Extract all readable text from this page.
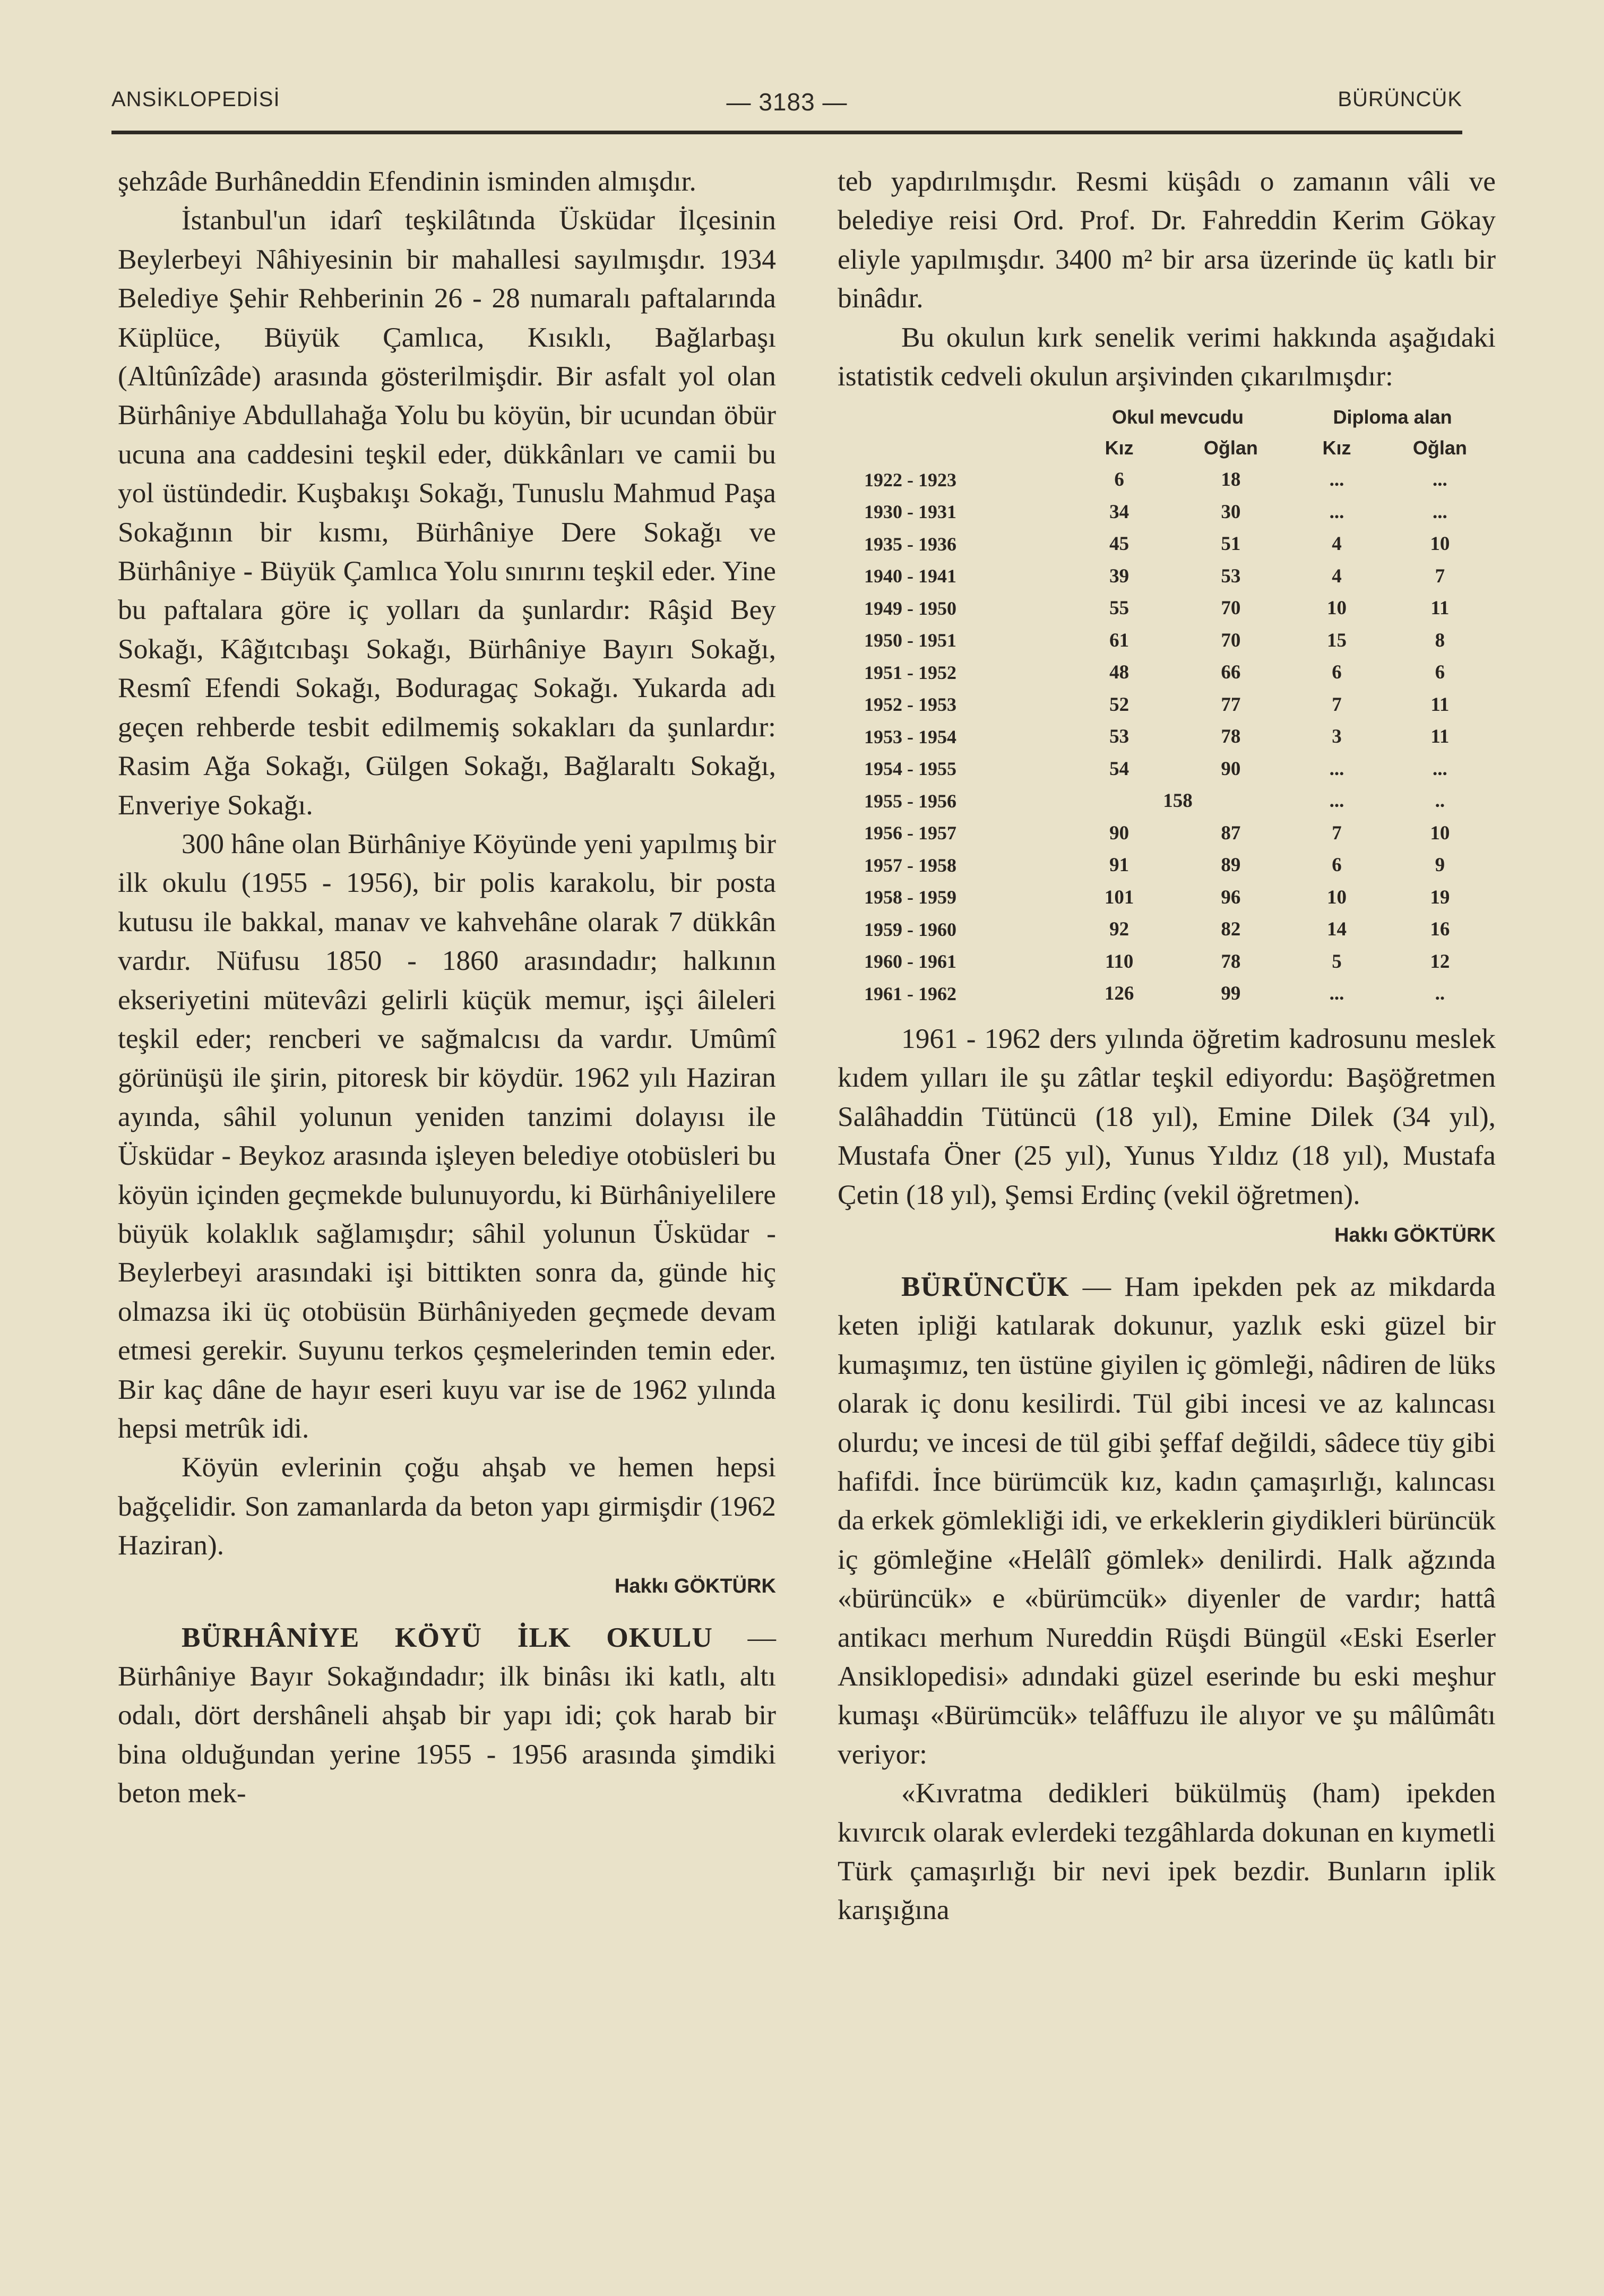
ANSİKLOPEDİSİ	— 3183 —	BÜRÜNCÜK

şehzâde Burhâneddin Efendinin isminden almışdır.

İstanbul'un idarî teşkilâtında Üsküdar İlçesinin Beylerbeyi Nâhiyesinin bir mahallesi sayılmışdır. 1934 Belediye Şehir Rehberinin 26 - 28 numaralı paftalarında Küplüce, Büyük Çamlıca, Kısıklı, Bağlarbaşı (Altûnîzâde) arasında gösterilmişdir. Bir asfalt yol olan Bürhâniye Abdullahağa Yolu bu köyün, bir ucundan öbür ucuna ana caddesini teşkil eder, dükkânları ve camii bu yol üstündedir. Kuşbakışı Sokağı, Tunuslu Mahmud Paşa Sokağının bir kısmı, Bürhâniye Dere Sokağı ve Bürhâniye - Büyük Çamlıca Yolu sınırını teşkil eder. Yine bu paftalara göre iç yolları da şunlardır: Râşid Bey Sokağı, Kâğıtcıbaşı Sokağı, Bürhâniye Bayırı Sokağı, Resmî Efendi Sokağı, Boduragaç Sokağı. Yukarda adı geçen rehberde tesbit edilmemiş sokakları da şunlardır: Rasim Ağa Sokağı, Gülgen Sokağı, Bağlaraltı Sokağı, Enveriye Sokağı.

300 hâne olan Bürhâniye Köyünde yeni yapılmış bir ilk okulu (1955 - 1956), bir polis karakolu, bir posta kutusu ile bakkal, manav ve kahvehâne olarak 7 dükkân vardır. Nüfusu 1850 - 1860 arasındadır; halkının ekseriyetini mütevâzi gelirli küçük memur, işçi âileleri teşkil eder; rencberi ve sağmalcısı da vardır. Umûmî görünüşü ile şirin, pitoresk bir köydür. 1962 yılı Haziran ayında, sâhil yolunun yeniden tanzimi dolayısı ile Üsküdar - Beykoz arasında işleyen belediye otobüsleri bu köyün içinden geçmekde bulunuyordu, ki Bürhâniyelilere büyük kolaklık sağlamışdır; sâhil yolunun Üsküdar - Beylerbeyi arasındaki işi bittikten sonra da, günde hiç olmazsa iki üç otobüsün Bürhâniyeden geçmede devam etmesi gerekir. Suyunu terkos çeşmelerinden temin eder. Bir kaç dâne de hayır eseri kuyu var ise de 1962 yılında hepsi metrûk idi.

Köyün evlerinin çoğu ahşab ve hemen hepsi bağçelidir. Son zamanlarda da beton yapı girmişdir (1962 Haziran).

Hakkı GÖKTÜRK

BÜRHÂNİYE KÖYÜ İLK OKULU — Bürhâniye Bayır Sokağındadır; ilk binâsı iki katlı, altı odalı, dört dershâneli ahşab bir yapı idi; çok harab bir bina olduğundan yerine 1955 - 1956 arasında şimdiki beton mek-

teb yapdırılmışdır. Resmi küşâdı o zamanın vâli ve belediye reisi Ord. Prof. Dr. Fahreddin Kerim Gökay eliyle yapılmışdır. 3400 m² bir arsa üzerinde üç katlı bir binâdır.

Bu okulun kırk senelik verimi hakkında aşağıdaki istatistik cedveli okulun arşivinden çıkarılmışdır:

	Okul mevcudu		Diploma alan	
	Kız	Oğlan	Kız	Oğlan
1922 - 1923	6	18	...	...
1930 - 1931	34	30	...	...
1935 - 1936	45	51	4	10
1940 - 1941	39	53	4	7
1949 - 1950	55	70	10	11
1950 - 1951	61	70	15	8
1951 - 1952	48	66	6	6
1952 - 1953	52	77	7	11
1953 - 1954	53	78	3	11
1954 - 1955	54	90	...	...
1955 - 1956	158		...	..
1956 - 1957	90	87	7	10
1957 - 1958	91	89	6	9
1958 - 1959	101	96	10	19
1959 - 1960	92	82	14	16
1960 - 1961	110	78	5	12
1961 - 1962	126	99	...	..

1961 - 1962 ders yılında öğretim kadrosunu meslek kıdem yılları ile şu zâtlar teşkil ediyordu: Başöğretmen Salâhaddin Tütüncü (18 yıl), Emine Dilek (34 yıl), Mustafa Öner (25 yıl), Yunus Yıldız (18 yıl), Mustafa Çetin (18 yıl), Şemsi Erdinç (vekil öğretmen).

Hakkı GÖKTÜRK

BÜRÜNCÜK — Ham ipekden pek az mikdarda keten ipliği katılarak dokunur, yazlık eski güzel bir kumaşımız, ten üstüne giyilen iç gömleği, nâdiren de lüks olarak iç donu kesilirdi. Tül gibi incesi ve az kalıncası olurdu; ve incesi de tül gibi şeffaf değildi, sâdece tüy gibi hafifdi. İnce bürümcük kız, kadın çamaşırlığı, kalıncası da erkek gömlekliği idi, ve erkeklerin giydikleri bürüncük iç gömleğine «Helâlî gömlek» denilirdi. Halk ağzında «bürüncük» e «bürümcük» diyenler de vardır; hattâ antikacı merhum Nureddin Rüşdi Büngül «Eski Eserler Ansiklopedisi» adındaki güzel eserinde bu eski meşhur kumaşı «Bürümcük» telâffuzu ile alıyor ve şu mâlûmâtı veriyor:

«Kıvratma dedikleri bükülmüş (ham) ipekden kıvırcık olarak evlerdeki tezgâhlarda dokunan en kıymetli Türk çamaşırlığı bir nevi ipek bezdir. Bunların iplik karışığına
